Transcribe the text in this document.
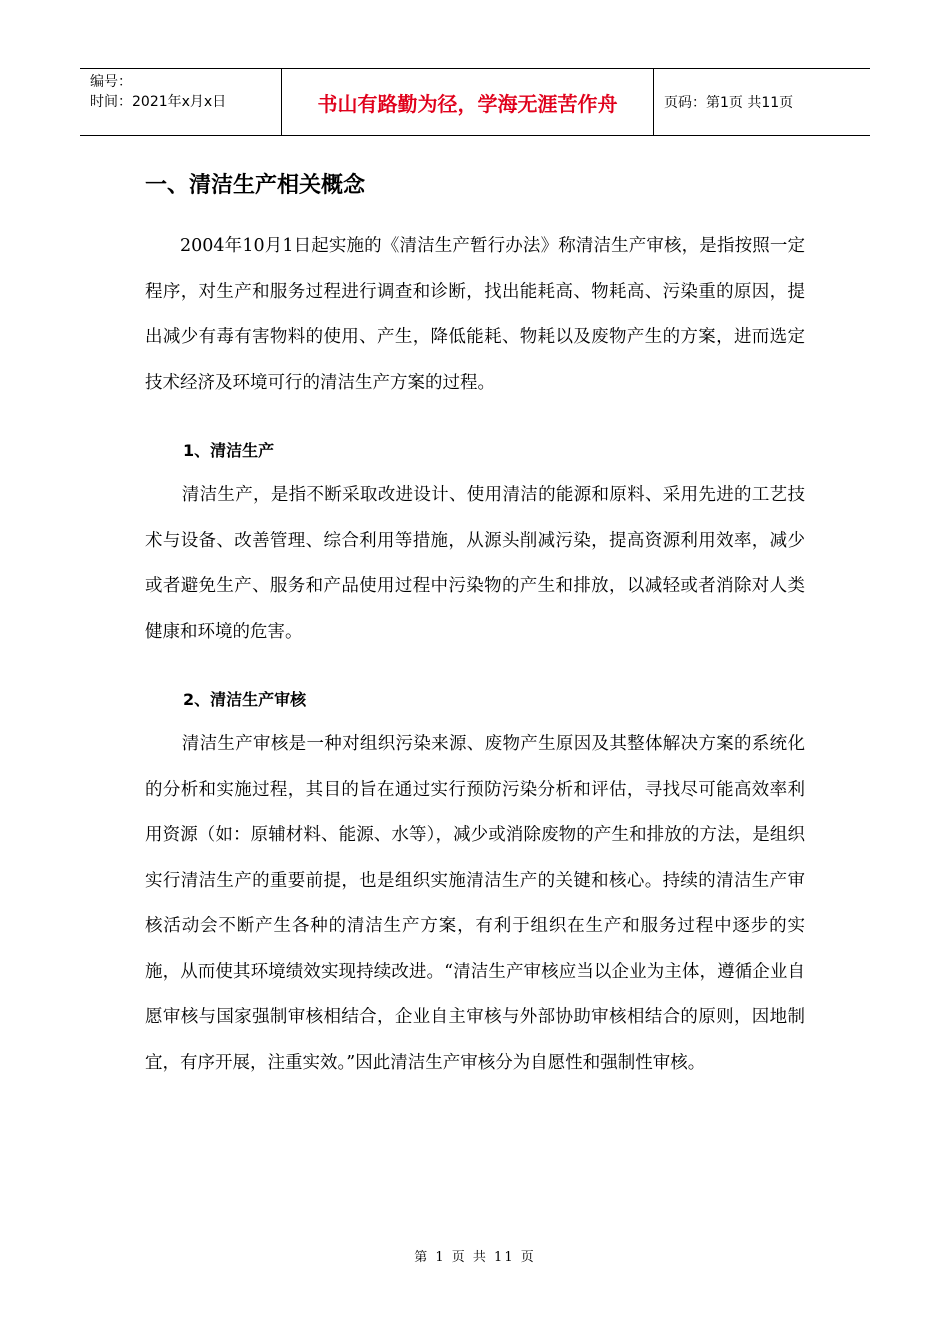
编号：
时间：2021年x月x日	书山有路勤为径，学海无涯苦作舟	页码：第1页 共11页
一、清洁生产相关概念

2004年10月1日起实施的《清洁生产暂行办法》称清洁生产审核，是指按照一定程序，对生产和服务过程进行调查和诊断，找出能耗高、物耗高、污染重的原因，提出减少有毒有害物料的使用、产生，降低能耗、物耗以及废物产生的方案，进而选定技术经济及环境可行的清洁生产方案的过程。

1、清洁生产

清洁生产，是指不断采取改进设计、使用清洁的能源和原料、采用先进的工艺技术与设备、改善管理、综合利用等措施，从源头削减污染，提高资源利用效率，减少或者避免生产、服务和产品使用过程中污染物的产生和排放，以减轻或者消除对人类健康和环境的危害。

2、清洁生产审核

清洁生产审核是一种对组织污染来源、废物产生原因及其整体解决方案的系统化的分析和实施过程，其目的旨在通过实行预防污染分析和评估，寻找尽可能高效率利用资源（如：原辅材料、能源、水等），减少或消除废物的产生和排放的方法，是组织实行清洁生产的重要前提，也是组织实施清洁生产的关键和核心。持续的清洁生产审核活动会不断产生各种的清洁生产方案，有利于组织在生产和服务过程中逐步的实施，从而使其环境绩效实现持续改进。“清洁生产审核应当以企业为主体，遵循企业自愿审核与国家强制审核相结合，企业自主审核与外部协助审核相结合的原则，因地制宜，有序开展，注重实效。”因此清洁生产审核分为自愿性和强制性审核。

第 1 页 共 11 页
